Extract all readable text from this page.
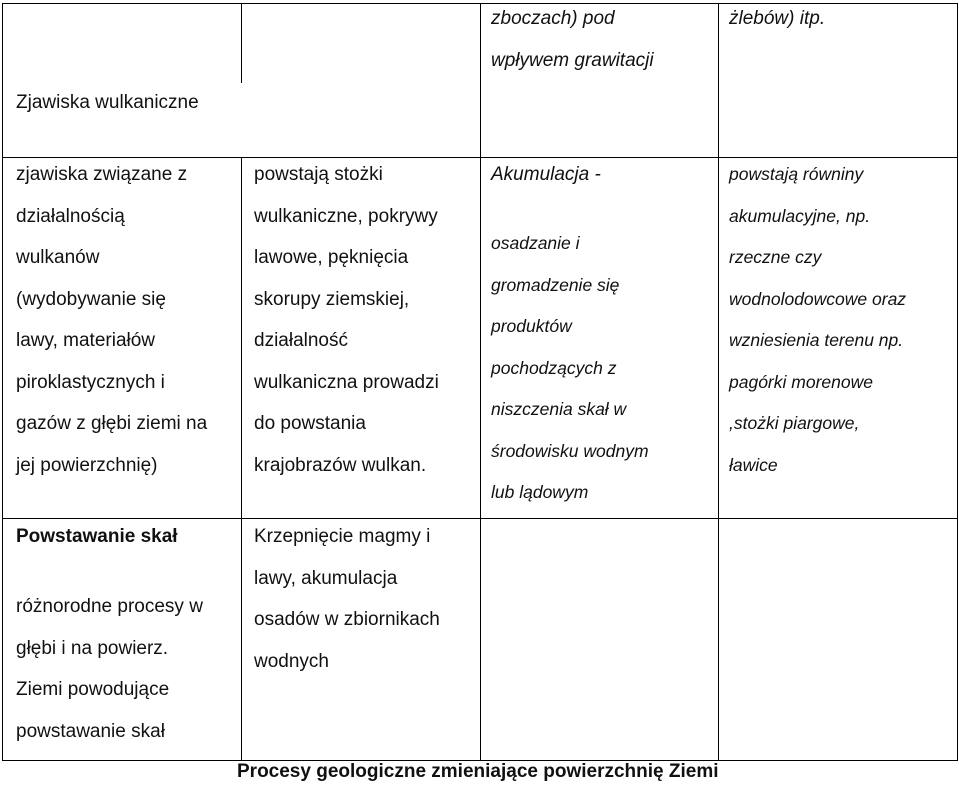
zboczach) pod
wpływem grawitacji

żlebów) itp.

Zjawiska wulkaniczne

zjawiska związane z
działalnością
wulkanów
(wydobywanie się
lawy, materiałów
piroklastycznych i
gazów z głębi ziemi na
jej powierzchnię)

powstają stożki
wulkaniczne, pokrywy
lawowe, pęknięcia
skorupy ziemskiej,
działalność
wulkaniczna prowadzi
do powstania
krajobrazów wulkan.

Akumulacja -

osadzanie i
gromadzenie się
produktów
pochodzących z
niszczenia skał w
środowisku wodnym
lub lądowym

powstają równiny
akumulacyjne, np.
rzeczne czy
wodnolodowcowe oraz
wzniesienia terenu np.
pagórki morenowe
,stożki piargowe,
ławice

Powstawanie skał

różnorodne procesy w
głębi i na powierz.
Ziemi powodujące
powstawanie skał

Krzepnięcie magmy i
lawy, akumulacja
osadów w zbiornikach
wodnych

Procesy geologiczne zmieniające powierzchnię Ziemi
